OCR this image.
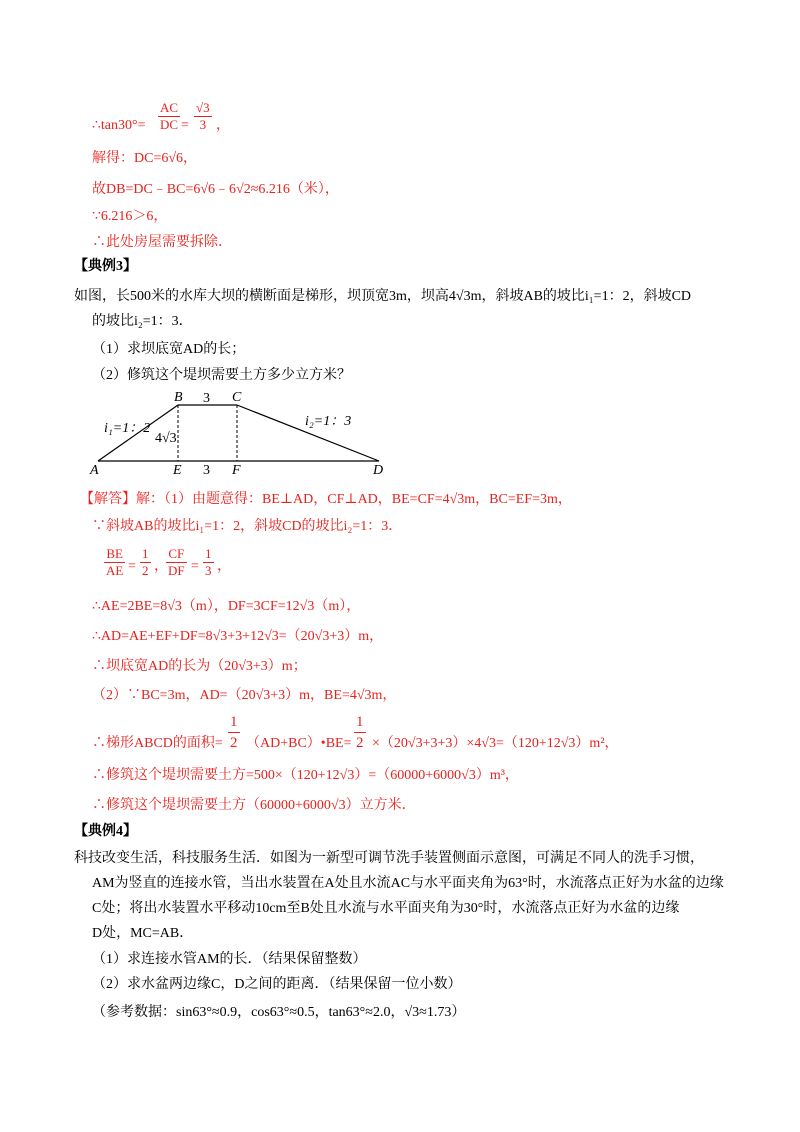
∴tan30°= $\frac{AC}{DC} = \frac{√3}{3}$ ，
解得：DC=6√6，
故DB=DC﹣BC=6√6﹣6√2≈6.216（米），
∵6.216＞6，
∴此处房屋需要拆除．
【典例3】
如图，长500米的水库大坝的横断面是梯形，坝顶宽3m，坝高4√3m，斜坡AB的坡比i₁=1：2，斜坡CD
的坡比i₂=1：3．
（1）求坝底宽AD的长；
（2）修筑这个堤坝需要土方多少立方米？
A
B	C
D
E	F
3
3
4√3
i₁=1：2	i₂=1：3
【解答】解：（1）由题意得：BE⊥AD，CF⊥AD，BE=CF=4√3m，BC=EF=3m，
∵斜坡AB的坡比i₁=1：2，斜坡CD的坡比i₂=1：3．
$\frac{BE}{AE} = \frac{1}{2}$ ，
$\frac{CF}{DF} = \frac{1}{3}$ ，
∴AE=2BE=8√3（m），DF=3CF=12√3（m），
∴AD=AE+EF+DF=8√3+3+12√3=（20√3+3）m，
∴坝底宽AD的长为（20√3+3）m；
（2）∵BC=3m，AD=（20√3+3）m，BE=4√3m，
∴梯形ABCD的面积= $\frac{1}{2}$ （AD+BC）•BE= $\frac{1}{2} \times(20√3+3+3)\times 4√3=(120+12√3)m^2$，
∴修筑这个堤坝需要土方=500×（120+12√3）=（60000+6000√3）m³，
∴修筑这个堤坝需要土方（60000+6000√3）立方米．
【典例4】
科技改变生活，科技服务生活．如图为一新型可调节洗手装置侧面示意图，可满足不同人的洗手习惯，
AM为竖直的连接水管，当出水装置在A处且水流AC与水平面夹角为63°时，水流落点正好为水盆的边缘
C处；将出水装置水平移动10cm至B处且水流与水平面夹角为30°时，水流落点正好为水盆的边缘
D处，MC=AB．
（1）求连接水管AM的长．（结果保留整数）
（2）求水盆两边缘C，D之间的距离．（结果保留一位小数）
（参考数据：sin63°≈0.9，cos63°≈0.5，tan63°≈2.0，√3≈1.73）
